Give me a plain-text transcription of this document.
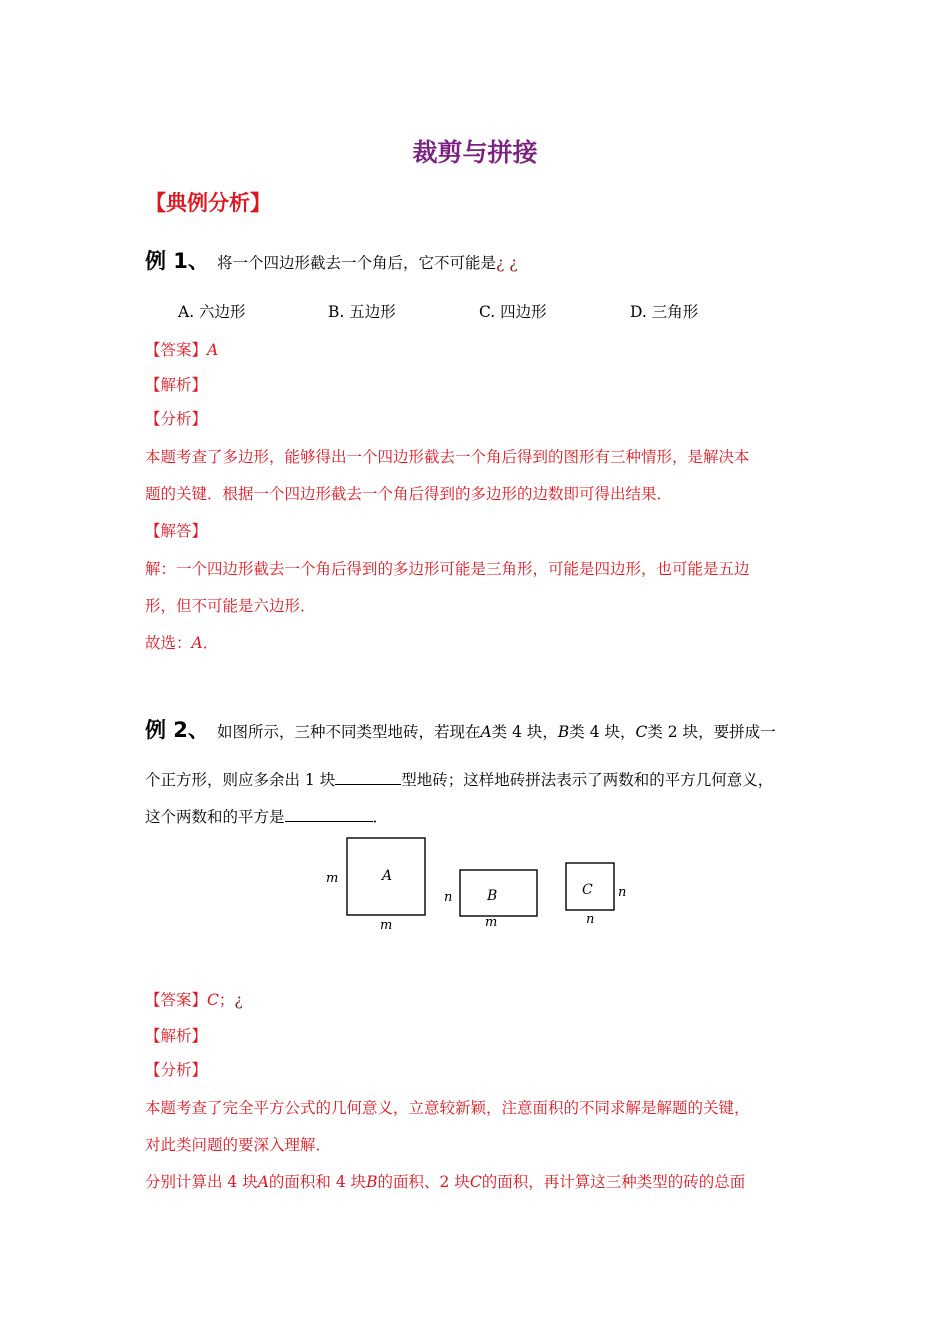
裁剪与拼接
【典例分析】
例 1、 将一个四边形截去一个角后，它不可能是¿ ¿
A. 六边形	B. 五边形	C. 四边形	D. 三角形
【答案】A
【解析】
【分析】
本题考查了多边形，能够得出一个四边形截去一个角后得到的图形有三种情形，是解决本
题的关键．根据一个四边形截去一个角后得到的多边形的边数即可得出结果．
【解答】
解：一个四边形截去一个角后得到的多边形可能是三角形，可能是四边形，也可能是五边
形，但不可能是六边形．
故选：A．
例 2、 如图所示，三种不同类型地砖，若现在A类 4 块，B类 4 块，C类 2 块，要拼成一
个正方形，则应多余出 1 块	型地砖；这样地砖拼法表示了两数和的平方几何意义，
这个两数和的平方是	．
A
m
m
B
n
m
C n
n
【答案】C；¿
【解析】
【分析】
本题考查了完全平方公式的几何意义，立意较新颖，注意面积的不同求解是解题的关键，
对此类问题的要深入理解．
分别计算出 4 块A的面积和 4 块B的面积、2 块C的面积，再计算这三种类型的砖的总面
